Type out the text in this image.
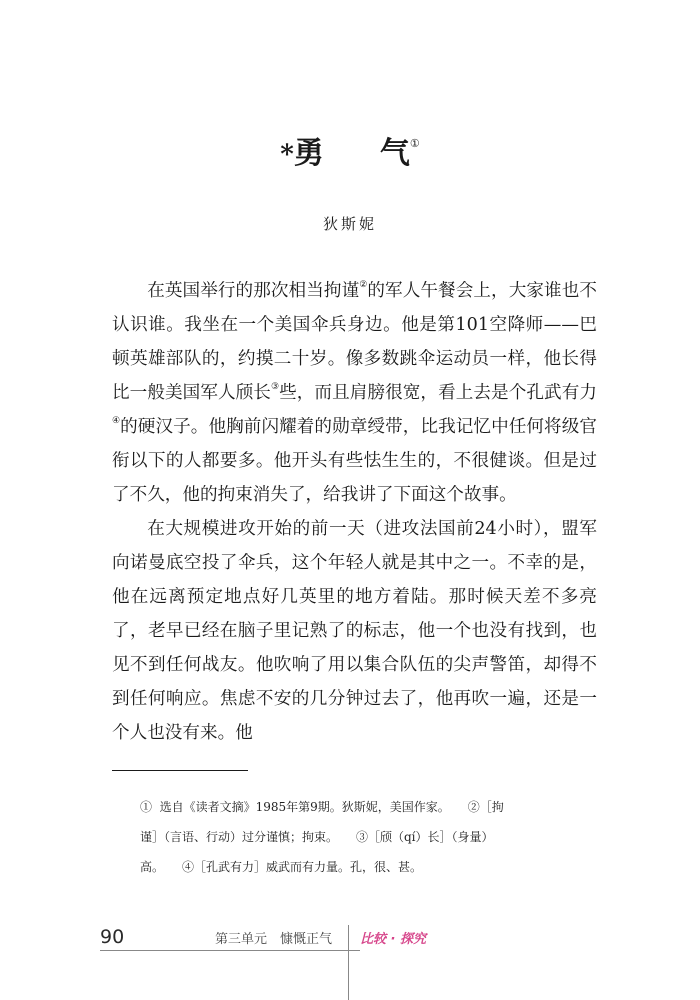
*勇 气①
狄斯妮

在英国举行的那次相当拘谨②的军人午餐会上，大家谁也不认识谁。我坐在一个美国伞兵身边。他是第101空降师——巴顿英雄部队的，约摸二十岁。像多数跳伞运动员一样，他长得比一般美国军人颀长③些，而且肩膀很宽，看上去是个孔武有力④的硬汉子。他胸前闪耀着的勋章绶带，比我记忆中任何将级官衔以下的人都要多。他开头有些怯生生的，不很健谈。但是过了不久，他的拘束消失了，给我讲了下面这个故事。

在大规模进攻开始的前一天（进攻法国前24小时），盟军向诺曼底空投了伞兵，这个年轻人就是其中之一。不幸的是，他在远离预定地点好几英里的地方着陆。那时候天差不多亮了，老早已经在脑子里记熟了的标志，他一个也没有找到，也见不到任何战友。他吹响了用以集合队伍的尖声警笛，却得不到任何响应。焦虑不安的几分钟过去了，他再吹一遍，还是一个人也没有来。他

①  选自《读者文摘》1985年第9期。狄斯妮，美国作家。　　②［拘
谨］（言语、行动）过分谨慎；拘束。　　③［颀（qí）长］（身量）
高。　　④［孔武有力］威武而有力量。孔，很、甚。
90	第三单元　慷慨正气 比较 · 探究
